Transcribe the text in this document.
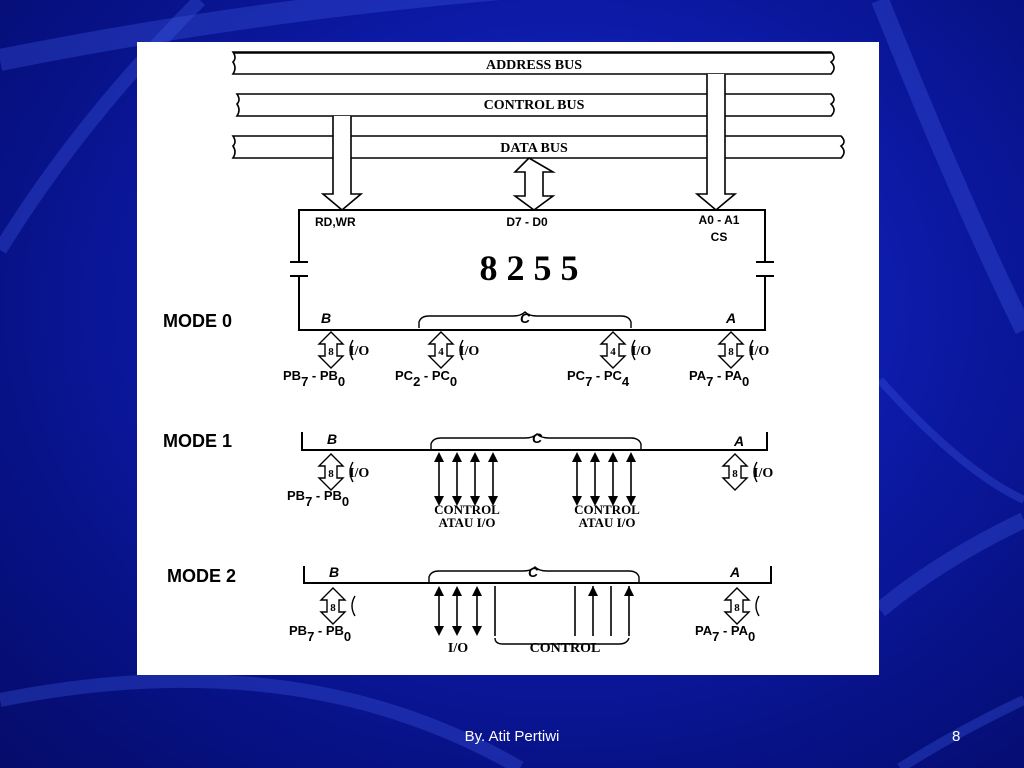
ADDRESS BUS
CONTROL BUS
DATA BUS
RD,WR	D7 - D0	A0 - A1
CS
8 2 5 5
MODE 0	B	C	A
8 I/O
PB7 - PB0
4 I/O
PC2 - PC0
4 I/O
PC7 - PC4
8 I/O
PA7 - PA0
MODE 1	B	C	A
8 I/O
PB7 - PB0
CONTROL
ATAU I/O
CONTROL
ATAU I/O
8 I/O
MODE 2	B	C	A
8
PB7 - PB0
I/O	CONTROL
8
PA7 - PA0
By. Atit Pertiwi	8
